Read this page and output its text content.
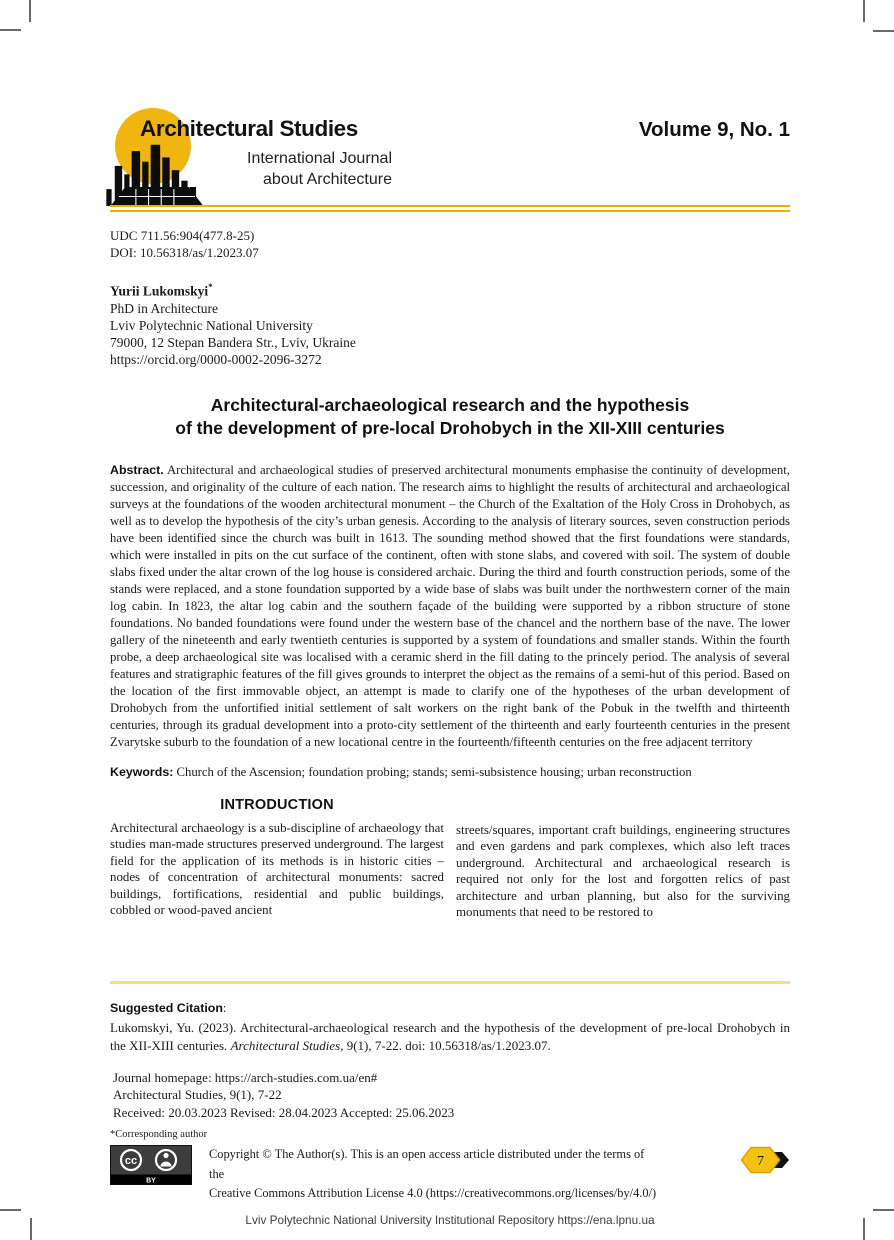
Architectural Studies
International Journal
about Architecture
Volume 9, No. 1

UDC 711.56:904(477.8-25)

DOI: 10.56318/as/1.2023.07

Yurii Lukomskyi*
PhD in Architecture
Lviv Polytechnic National University
79000, 12 Stepan Bandera Str., Lviv, Ukraine
https://orcid.org/0000-0002-2096-3272
Architectural-archaeological research and the hypothesis
of the development of pre-local Drohobych in the XII-XIII centuries

Abstract. Architectural and archaeological studies of preserved architectural monuments emphasise the continuity of development, succession, and originality of the culture of each nation. The research aims to highlight the results of architectural and archaeological surveys at the foundations of the wooden architectural monument – the Church of the Exaltation of the Holy Cross in Drohobych, as well as to develop the hypothesis of the city’s urban genesis. According to the analysis of literary sources, seven construction periods have been identified since the church was built in 1613. The sounding method showed that the first foundations were standards, which were installed in pits on the cut surface of the continent, often with stone slabs, and covered with soil. The system of double slabs fixed under the altar crown of the log house is considered archaic. During the third and fourth construction periods, some of the stands were replaced, and a stone foundation supported by a wide base of slabs was built under the northwestern corner of the main log cabin. In 1823, the altar log cabin and the southern façade of the building were supported by a ribbon structure of stone foundations. No banded foundations were found under the western base of the chancel and the northern base of the nave. The lower gallery of the nineteenth and early twentieth centuries is supported by a system of foundations and smaller stands. Within the fourth probe, a deep archaeological site was localised with a ceramic sherd in the fill dating to the princely period. The analysis of several features and stratigraphic features of the fill gives grounds to interpret the object as the remains of a semi-hut of this period. Based on the location of the first immovable object, an attempt is made to clarify one of the hypotheses of the urban development of Drohobych from the unfortified initial settlement of salt workers on the right bank of the Pobuk in the twelfth and thirteenth centuries, through its gradual development into a proto-city settlement of the thirteenth and early fourteenth centuries in the present Zvarytske suburb to the foundation of a new locational centre in the fourteenth/fifteenth centuries on the free adjacent territory

Keywords: Church of the Ascension; foundation probing; stands; semi-subsistence housing; urban reconstruction

INTRODUCTION

Architectural archaeology is a sub-discipline of archaeology that studies man-made structures preserved underground. The largest field for the application of its methods is in historic cities – nodes of concentration of architectural monuments: sacred buildings, fortifications, residential and public buildings, cobbled or wood-paved ancient

streets/squares, important craft buildings, engineering structures and even gardens and park complexes, which also left traces underground. Architectural and archaeological research is required not only for the lost and forgotten relics of past architecture and urban planning, but also for the surviving monuments that need to be restored to

Suggested Citation:

Lukomskyi, Yu. (2023). Architectural-archaeological research and the hypothesis of the development of pre-local Drohobych in the XII-XIII centuries. Architectural Studies, 9(1), 7-22. doi: 10.56318/as/1.2023.07.

Journal homepage: https://arch-studies.com.ua/en#
Architectural Studies, 9(1), 7-22
Received: 20.03.2023 Revised: 28.04.2023 Accepted: 25.06.2023
*Corresponding author
cc
BY

Copyright © The Author(s). This is an open access article distributed under the terms of the
Creative Commons Attribution License 4.0 (https://creativecommons.org/licenses/by/4.0/)

7
Lviv Polytechnic National University Institutional Repository https://ena.lpnu.ua
